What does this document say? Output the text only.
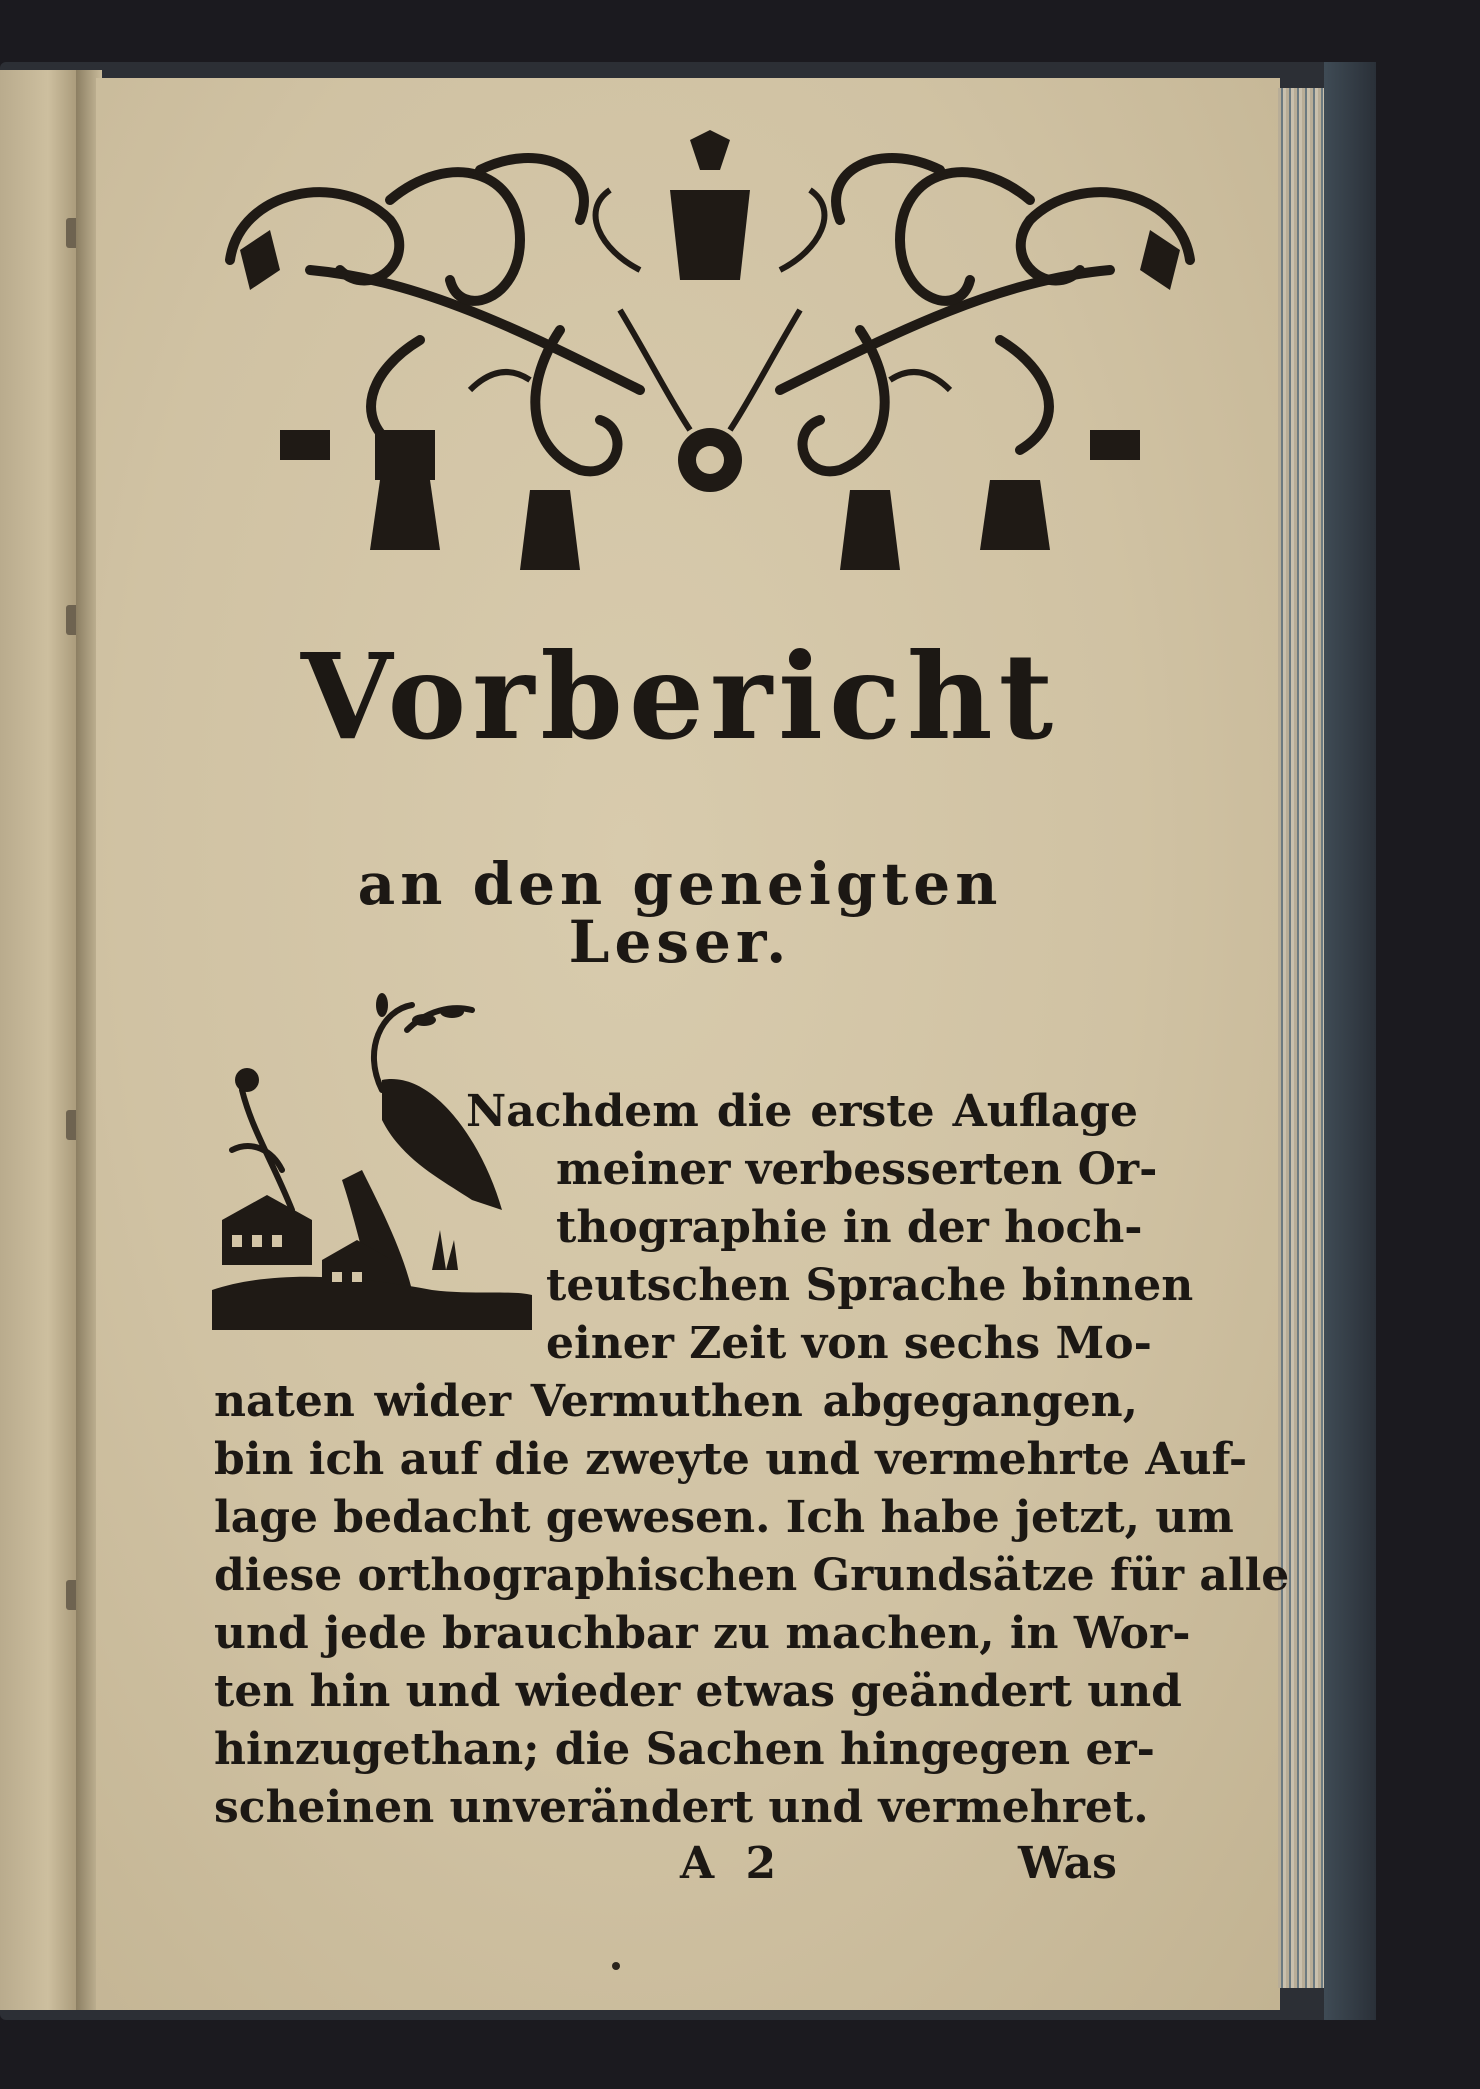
Vorbericht
an den geneigten Leser.
Nachdem die erste Auflage
meiner verbesserten Or-
thographie in der hoch-
teutschen Sprache binnen
einer Zeit von sechs Mo-
naten wider Vermuthen abgegangen,
bin ich auf die zweyte und vermehrte Auf-
lage bedacht gewesen. Ich habe jetzt, um
diese orthographischen Grundsätze für alle
und jede brauchbar zu machen, in Wor-
ten hin und wieder etwas geändert und
hinzugethan; die Sachen hingegen er-
scheinen unverändert und vermehret.
A 2	Was
